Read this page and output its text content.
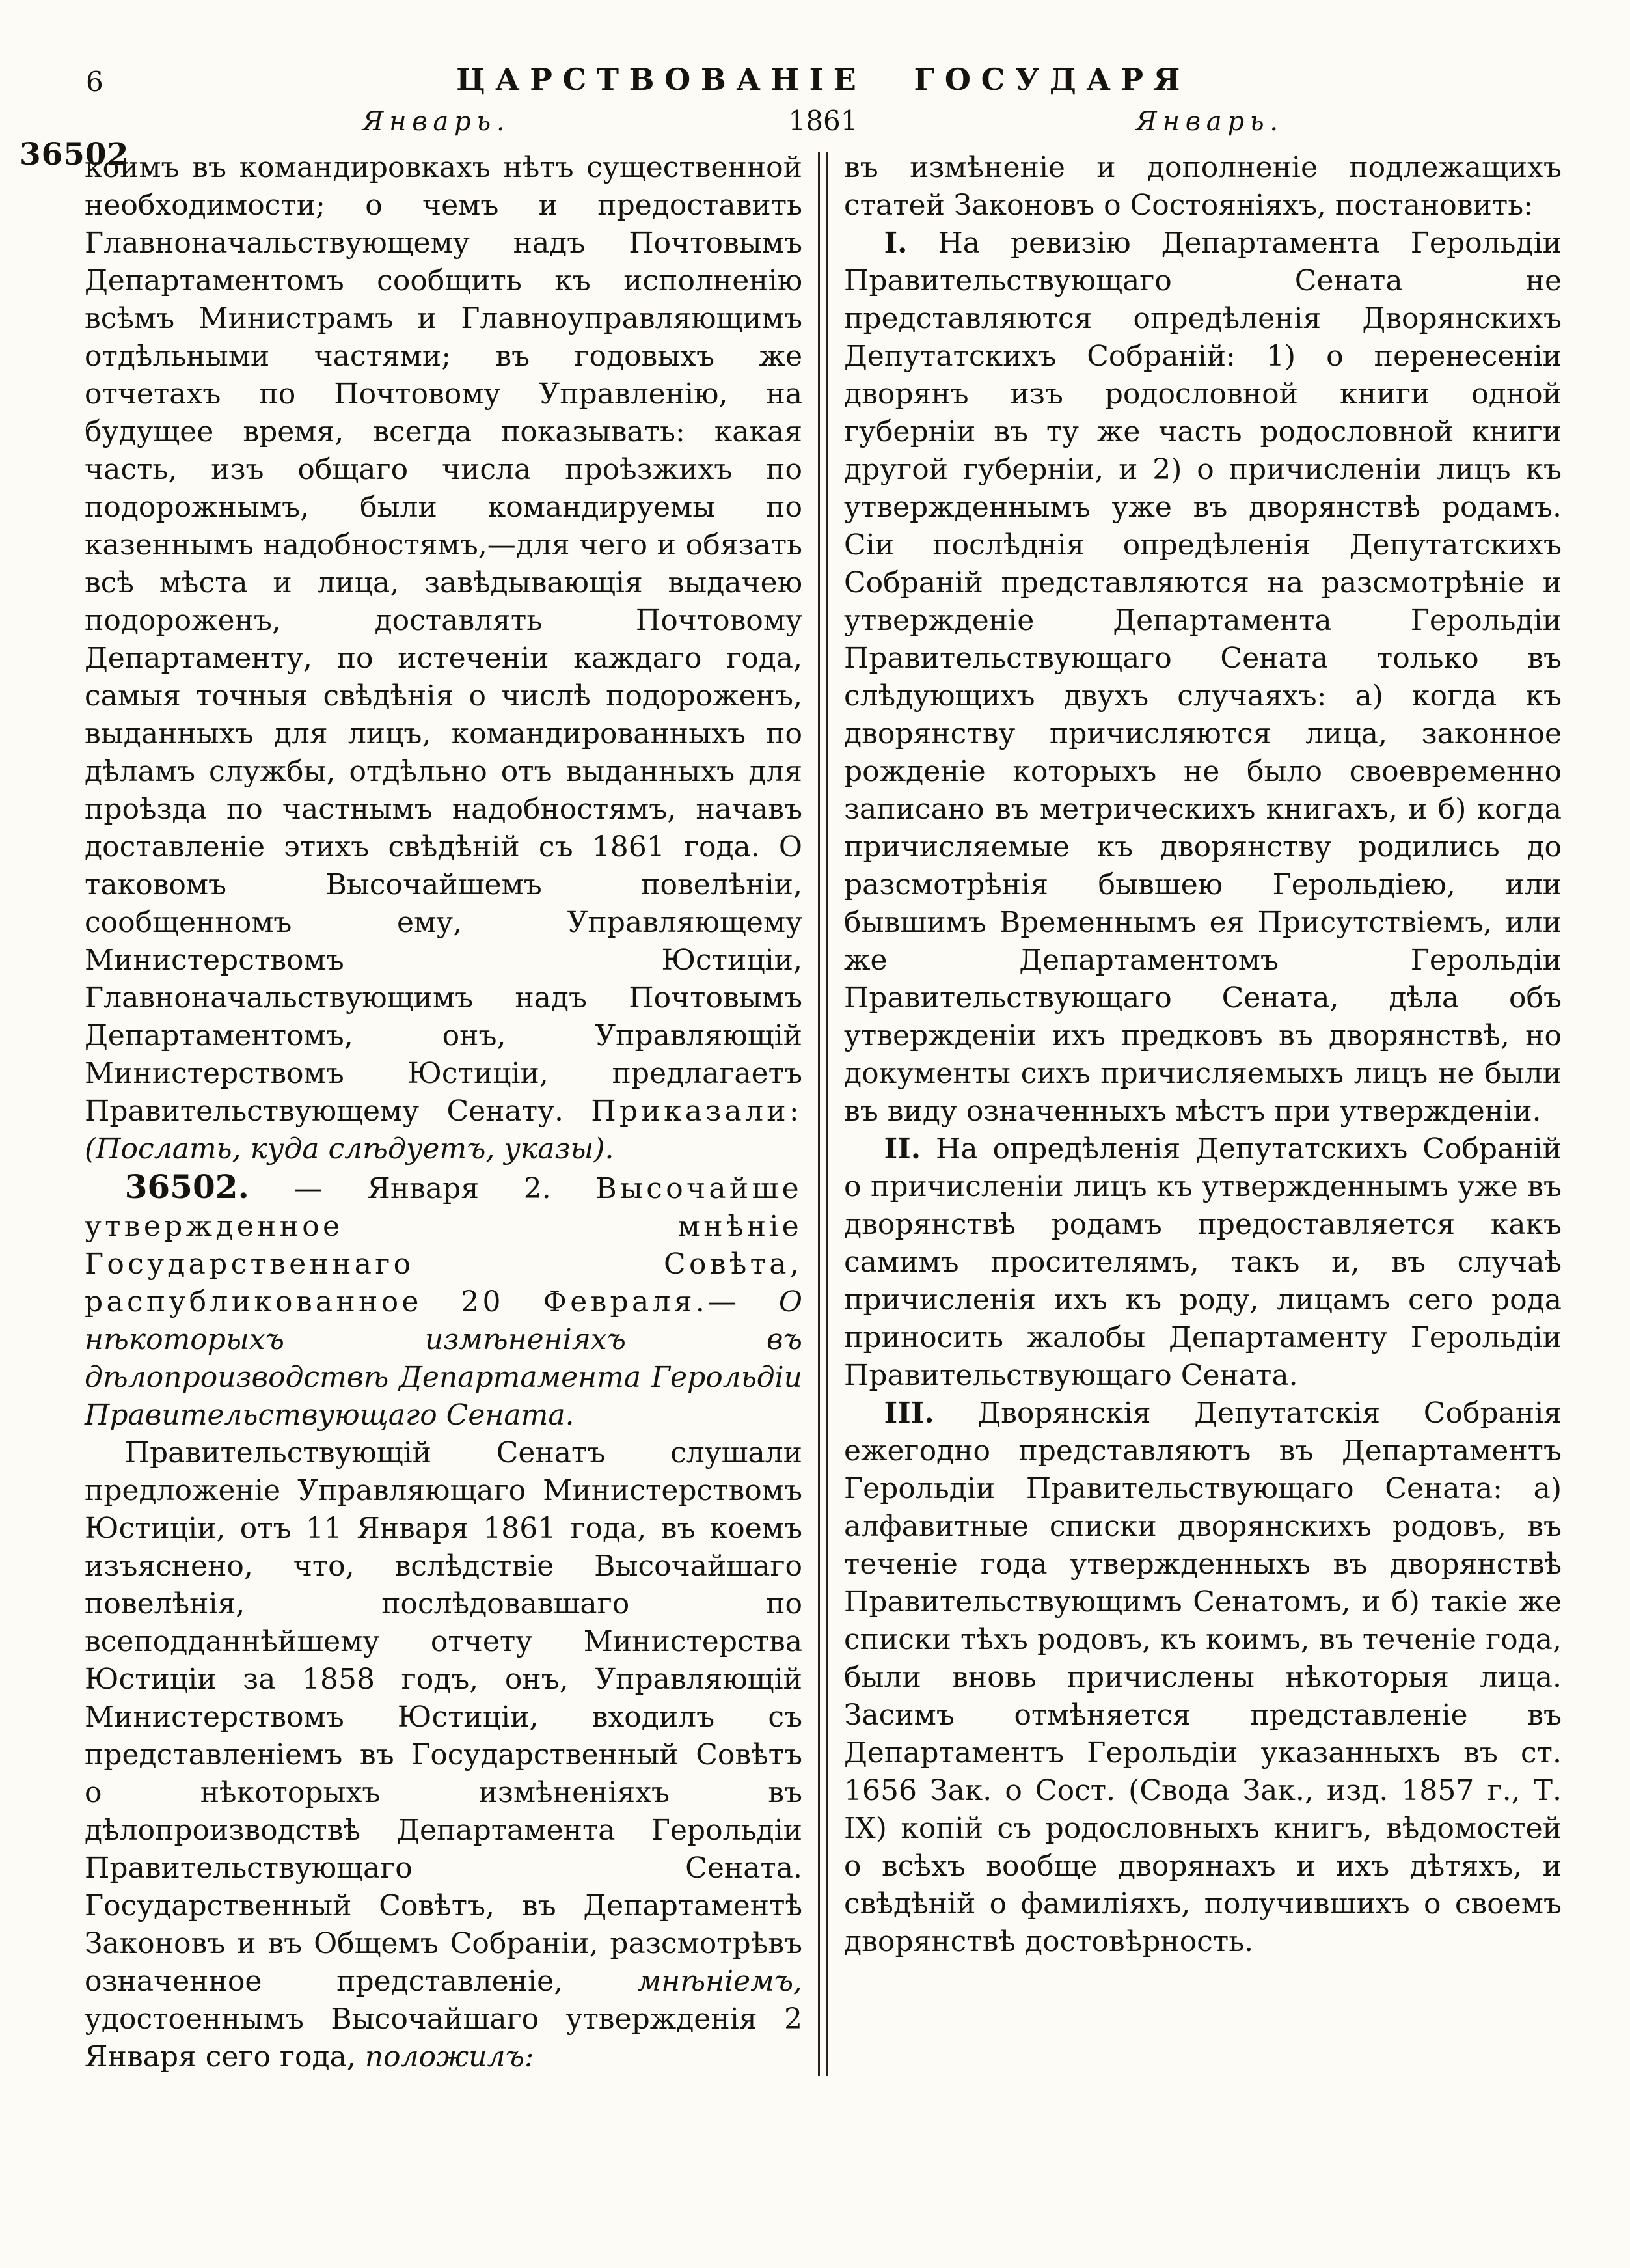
6	ЦАРСТВОВАНІЕ ГОСУДАРЯ
Январь.	1861	Январь.
36502

коимъ въ командировкахъ нѣтъ существенной необходимости; о чемъ и предоставить Главноначальствующему надъ Почтовымъ Департаментомъ сообщить къ исполненію всѣмъ Министрамъ и Главноуправляющимъ отдѣльными частями; въ годовыхъ же отчетахъ по Почтовому Управленію, на будущее время, всегда показывать: какая часть, изъ общаго числа проѣзжихъ по подорожнымъ, были командируемы по казеннымъ надобностямъ,—для чего и обязать всѣ мѣста и лица, завѣдывающія выдачею подороженъ, доставлять Почтовому Департаменту, по истеченіи каждаго года, самыя точныя свѣдѣнія о числѣ подороженъ, выданныхъ для лицъ, командированныхъ по дѣламъ службы, отдѣльно отъ выданныхъ для проѣзда по частнымъ надобностямъ, начавъ доставленіе этихъ свѣдѣній съ 1861 года. О таковомъ Высочайшемъ повелѣніи, сообщенномъ ему, Управляющему Министерствомъ Юстиціи, Главноначальствующимъ надъ Почтовымъ Департаментомъ, онъ, Управляющій Министерствомъ Юстиціи, предлагаетъ Правительствующему Сенату. Приказали: (Послать, куда слѣдуетъ, указы).

36502. — Января 2. Высочайше утвержденное мнѣніе Государственнаго Совѣта, распубликованное 20 Февраля.— О нѣкоторыхъ измѣненіяхъ въ дѣлопроизводствѣ Департамента Герольдіи Правительствующаго Сената.

Правительствующій Сенатъ слушали предложеніе Управляющаго Министерствомъ Юстиціи, отъ 11 Января 1861 года, въ коемъ изъяснено, что, вслѣдствіе Высочайшаго повелѣнія, послѣдовавшаго по всеподданнѣйшему отчету Министерства Юстиціи за 1858 годъ, онъ, Управляющій Министерствомъ Юстиціи, входилъ съ представленіемъ въ Государственный Совѣтъ о нѣкоторыхъ измѣненіяхъ въ дѣлопроизводствѣ Департамента Герольдіи Правительствующаго Сената. Государственный Совѣтъ, въ Департаментѣ Законовъ и въ Общемъ Собраніи, разсмотрѣвъ означенное представленіе, мнѣніемъ, удостоеннымъ Высочайшаго утвержденія 2 Января сего года, положилъ:

въ измѣненіе и дополненіе подлежащихъ статей Законовъ о Состояніяхъ, постановить:

I. На ревизію Департамента Герольдіи Правительствующаго Сената не представляются опредѣленія Дворянскихъ Депутатскихъ Собраній: 1) о перенесеніи дворянъ изъ родословной книги одной губерніи въ ту же часть родословной книги другой губерніи, и 2) о причисленіи лицъ къ утвержденнымъ уже въ дворянствѣ родамъ. Сіи послѣднія опредѣленія Депутатскихъ Собраній представляются на разсмотрѣніе и утвержденіе Департамента Герольдіи Правительствующаго Сената только въ слѣдующихъ двухъ случаяхъ: а) когда къ дворянству причисляются лица, законное рожденіе которыхъ не было своевременно записано въ метрическихъ книгахъ, и б) когда причисляемые къ дворянству родились до разсмотрѣнія бывшею Герольдіею, или бывшимъ Временнымъ ея Присутствіемъ, или же Департаментомъ Герольдіи Правительствующаго Сената, дѣла объ утвержденіи ихъ предковъ въ дворянствѣ, но документы сихъ причисляемыхъ лицъ не были въ виду означенныхъ мѣстъ при утвержденіи.

II. На опредѣленія Депутатскихъ Собраній о причисленіи лицъ къ утвержденнымъ уже въ дворянствѣ родамъ предоставляется какъ самимъ просителямъ, такъ и, въ случаѣ причисленія ихъ къ роду, лицамъ сего рода приносить жалобы Департаменту Герольдіи Правительствующаго Сената.

III. Дворянскія Депутатскія Собранія ежегодно представляютъ въ Департаментъ Герольдіи Правительствующаго Сената: а) алфавитные списки дворянскихъ родовъ, въ теченіе года утвержденныхъ въ дворянствѣ Правительствующимъ Сенатомъ, и б) такіе же списки тѣхъ родовъ, къ коимъ, въ теченіе года, были вновь причислены нѣкоторыя лица. Засимъ отмѣняется представленіе въ Департаментъ Герольдіи указанныхъ въ ст. 1656 Зак. о Сост. (Свода Зак., изд. 1857 г., Т. IX) копій съ родословныхъ книгъ, вѣдомостей о всѣхъ вообще дворянахъ и ихъ дѣтяхъ, и свѣдѣній о фамиліяхъ, получившихъ о своемъ дворянствѣ достовѣрность.
